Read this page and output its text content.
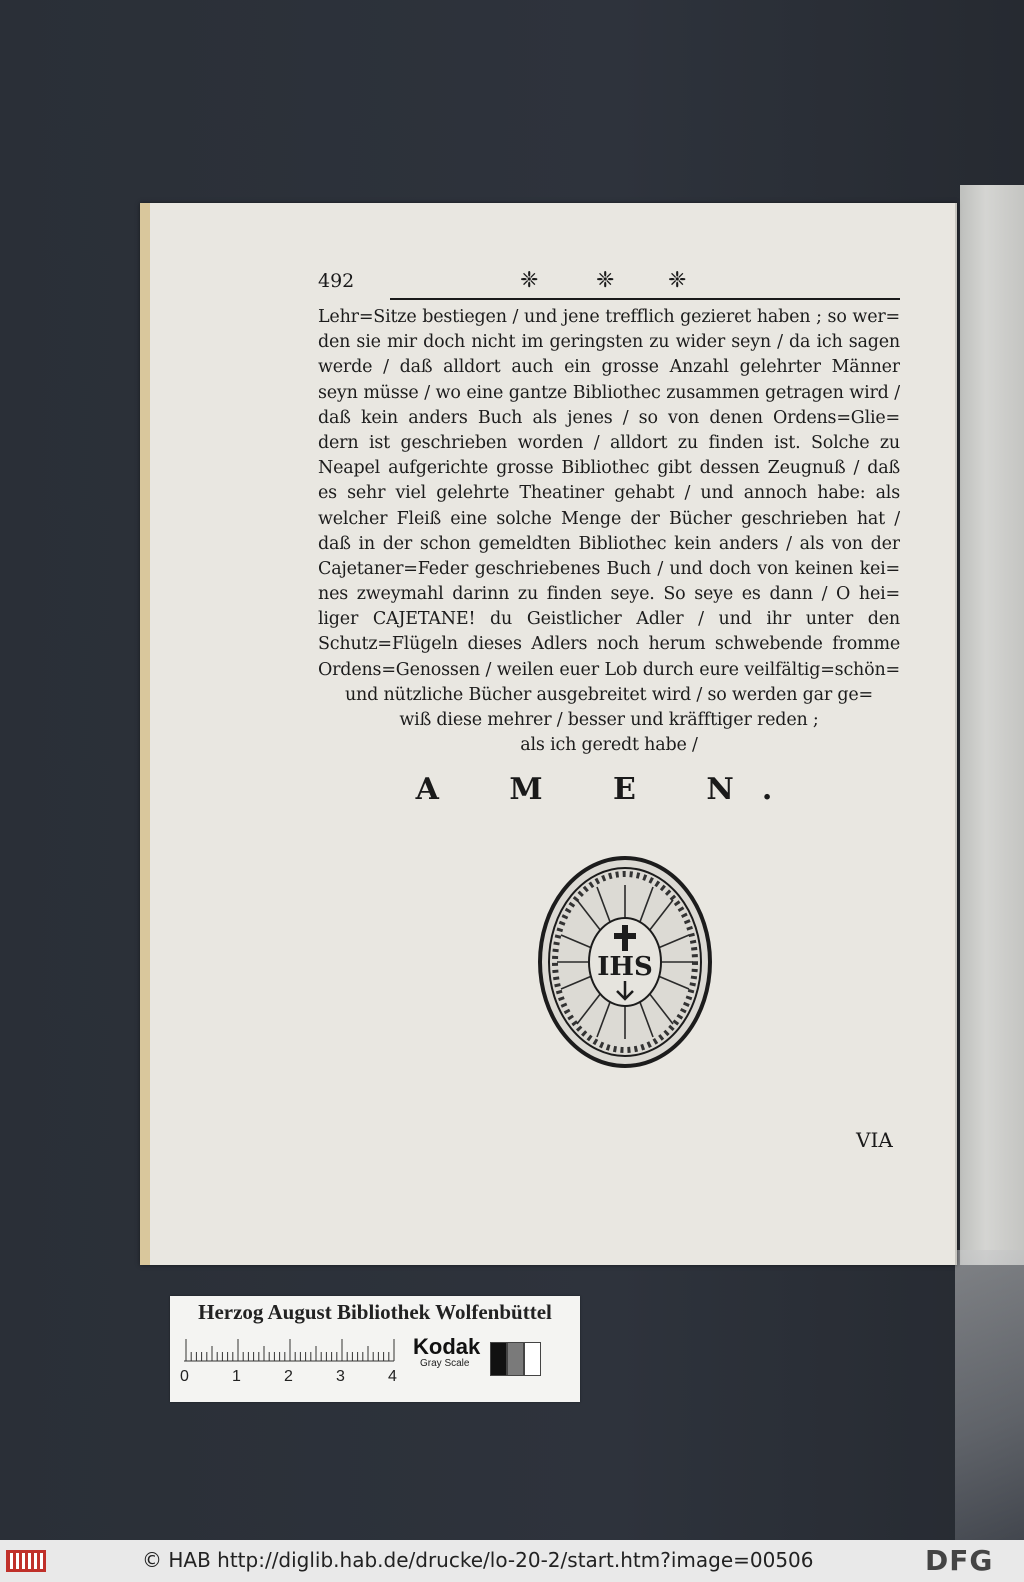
492	❈	❈ ❈
Lehr=Sitze bestiegen / und jene trefflich gezieret haben ; so wer=
den sie mir doch nicht im geringsten zu wider seyn / da ich sagen
werde / daß alldort auch ein grosse Anzahl gelehrter Männer
seyn müsse / wo eine gantze Bibliothec zusammen getragen wird /
daß kein anders Buch als jenes / so von denen Ordens=Glie=
dern ist geschrieben worden / alldort zu finden ist. Solche zu
Neapel aufgerichte grosse Bibliothec gibt dessen Zeugnuß / daß
es sehr viel gelehrte Theatiner gehabt / und annoch habe: als
welcher Fleiß eine solche Menge der Bücher geschrieben hat /
daß in der schon gemeldten Bibliothec kein anders / als von der
Cajetaner=Feder geschriebenes Buch / und doch von keinen kei=
nes zweymahl darinn zu finden seye. So seye es dann / O hei=
liger CAJETANE! du Geistlicher Adler / und ihr unter den
Schutz=Flügeln dieses Adlers noch herum schwebende fromme
Ordens=Genossen / weilen euer Lob durch eure veilfältig=schön=
und nützliche Bücher ausgebreitet wird / so werden gar ge=
wiß diese mehrer / besser und kräfftiger reden ;
als ich geredt habe /
A M E N.
IHS
VIA
Herzog August Bibliothek Wolfenbüttel
0	1	2	3	4
Kodak
Gray Scale
© HAB http://diglib.hab.de/drucke/lo-20-2/start.htm?image=00506	DFG
